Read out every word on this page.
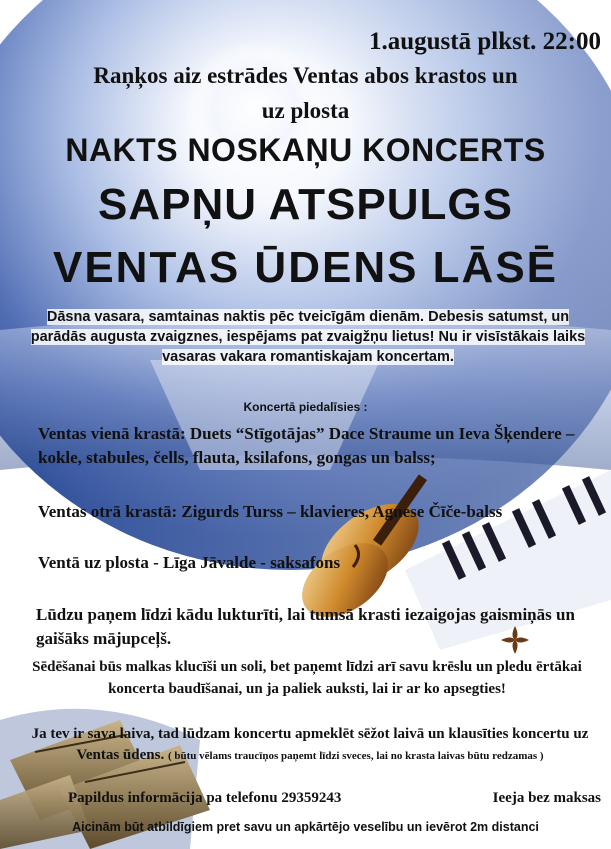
1.augustā plkst. 22:00

Raņķos aiz estrādes Ventas abos krastos un

uz plosta

NAKTS NOSKAŅU KONCERTS

SAPŅU ATSPULGS

VENTAS ŪDENS LĀSĒ

Dāsna vasara, samtainas naktis pēc tveicīgām dienām. Debesis satumst, un parādās augusta zvaigznes, iespējams pat zvaigžņu lietus! Nu ir visīstākais laiks vasaras vakara romantiskajam koncertam.

Koncertā piedalīsies :

Ventas vienā krastā: Duets “Stīgotājas” Dace Straume un Ieva Šķendere – kokle, stabules, čells, flauta, ksilafons, gongas un balss;
Ventas otrā krastā: Zigurds Turss – klavieres, Agnese Čīče-balss
Ventā uz plosta - Līga Jāvalde - saksafons
Lūdzu paņem līdzi kādu lukturīti, lai tumsā krasti iezaigojas gaismiņās un gaišāks mājupceļš.
Sēdēšanai būs malkas klucīši un soli, bet paņemt līdzi arī savu krēslu un pledu ērtākai koncerta baudīšanai, un ja paliek auksti, lai ir ar ko apsegties!
Ja tev ir sava laiva, tad lūdzam koncertu apmeklēt sēžot laivā un klausīties koncertu uz Ventas ūdens. ( būtu vēlams traucīņos paņemt līdzi sveces, lai no krasta laivas būtu redzamas )

Papildus informācija pa telefonu 29359243	Ieeja bez maksas

Aicinām būt atbildīgiem pret savu un apkārtējo veselību un ievērot 2m distanci
